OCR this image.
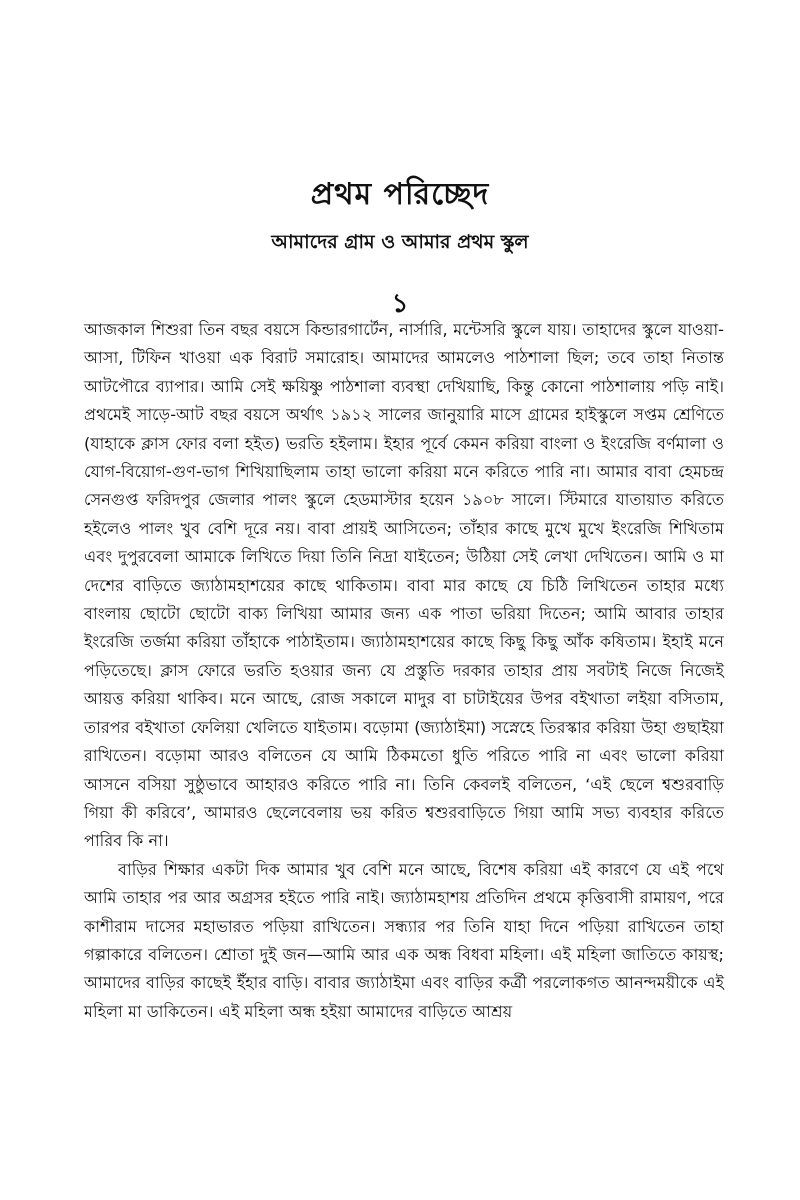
প্রথম পরিচ্ছেদ
আমাদের গ্রাম ও আমার প্রথম স্কুল
১

আজকাল শিশুরা তিন বছর বয়সে কিন্ডারগার্টেন, নার্সারি, মন্টেসরি স্কুলে যায়। তাহাদের স্কুলে যাওয়া-আসা, টিফিন খাওয়া এক বিরাট সমারোহ। আমাদের আমলেও পাঠশালা ছিল; তবে তাহা নিতান্ত আটপৌরে ব্যাপার। আমি সেই ক্ষয়িষ্ণু পাঠশালা ব্যবস্থা দেখিয়াছি, কিন্তু কোনো পাঠশালায় পড়ি নাই। প্রথমেই সাড়ে-আট বছর বয়সে অর্থাৎ ১৯১২ সালের জানুয়ারি মাসে গ্রামের হাইস্কুলে সপ্তম শ্রেণিতে (যাহাকে ক্লাস ফোর বলা হইত) ভরতি হইলাম। ইহার পূর্বে কেমন করিয়া বাংলা ও ইংরেজি বর্ণমালা ও যোগ-বিয়োগ-গুণ-ভাগ শিখিয়াছিলাম তাহা ভালো করিয়া মনে করিতে পারি না। আমার বাবা হেমচন্দ্র সেনগুপ্ত ফরিদপুর জেলার পালং স্কুলে হেডমাস্টার হয়েন ১৯০৮ সালে। স্টিমারে যাতায়াত করিতে হইলেও পালং খুব বেশি দূরে নয়। বাবা প্রায়ই আসিতেন; তাঁহার কাছে মুখে মুখে ইংরেজি শিখিতাম এবং দুপুরবেলা আমাকে লিখিতে দিয়া তিনি নিদ্রা যাইতেন; উঠিয়া সেই লেখা দেখিতেন। আমি ও মা দেশের বাড়িতে জ্যাঠামহাশয়ের কাছে থাকিতাম। বাবা মার কাছে যে চিঠি লিখিতেন তাহার মধ্যে বাংলায় ছোটো ছোটো বাক্য লিখিয়া আমার জন্য এক পাতা ভরিয়া দিতেন; আমি আবার তাহার ইংরেজি তর্জমা করিয়া তাঁহাকে পাঠাইতাম। জ্যাঠামহাশয়ের কাছে কিছু কিছু আঁক কষিতাম। ইহাই মনে পড়িতেছে। ক্লাস ফোরে ভরতি হওয়ার জন্য যে প্রস্তুতি দরকার তাহার প্রায় সবটাই নিজে নিজেই আয়ত্ত করিয়া থাকিব। মনে আছে, রোজ সকালে মাদুর বা চাটাইয়ের উপর বইখাতা লইয়া বসিতাম, তারপর বইখাতা ফেলিয়া খেলিতে যাইতাম। বড়োমা (জ্যাঠাইমা) সস্নেহে তিরস্কার করিয়া উহা গুছাইয়া রাখিতেন। বড়োমা আরও বলিতেন যে আমি ঠিকমতো ধুতি পরিতে পারি না এবং ভালো করিয়া আসনে বসিয়া সুষ্ঠুভাবে আহারও করিতে পারি না। তিনি কেবলই বলিতেন, ‘এই ছেলে শ্বশুরবাড়ি গিয়া কী করিবে’, আমারও ছেলেবেলায় ভয় করিত শ্বশুরবাড়িতে গিয়া আমি সভ্য ব্যবহার করিতে পারিব কি না।

বাড়ির শিক্ষার একটা দিক আমার খুব বেশি মনে আছে, বিশেষ করিয়া এই কারণে যে এই পথে আমি তাহার পর আর অগ্রসর হইতে পারি নাই। জ্যাঠামহাশয় প্রতিদিন প্রথমে কৃত্তিবাসী রামায়ণ, পরে কাশীরাম দাসের মহাভারত পড়িয়া রাখিতেন। সন্ধ্যার পর তিনি যাহা দিনে পড়িয়া রাখিতেন তাহা গল্পাকারে বলিতেন। শ্রোতা দুই জন—আমি আর এক অন্ধ বিধবা মহিলা। এই মহিলা জাতিতে কায়স্থ; আমাদের বাড়ির কাছেই ইঁহার বাড়ি। বাবার জ্যাঠাইমা এবং বাড়ির কর্ত্রী পরলোকগত আনন্দময়ীকে এই মহিলা মা ডাকিতেন। এই মহিলা অন্ধ হইয়া আমাদের বাড়িতে আশ্রয়
